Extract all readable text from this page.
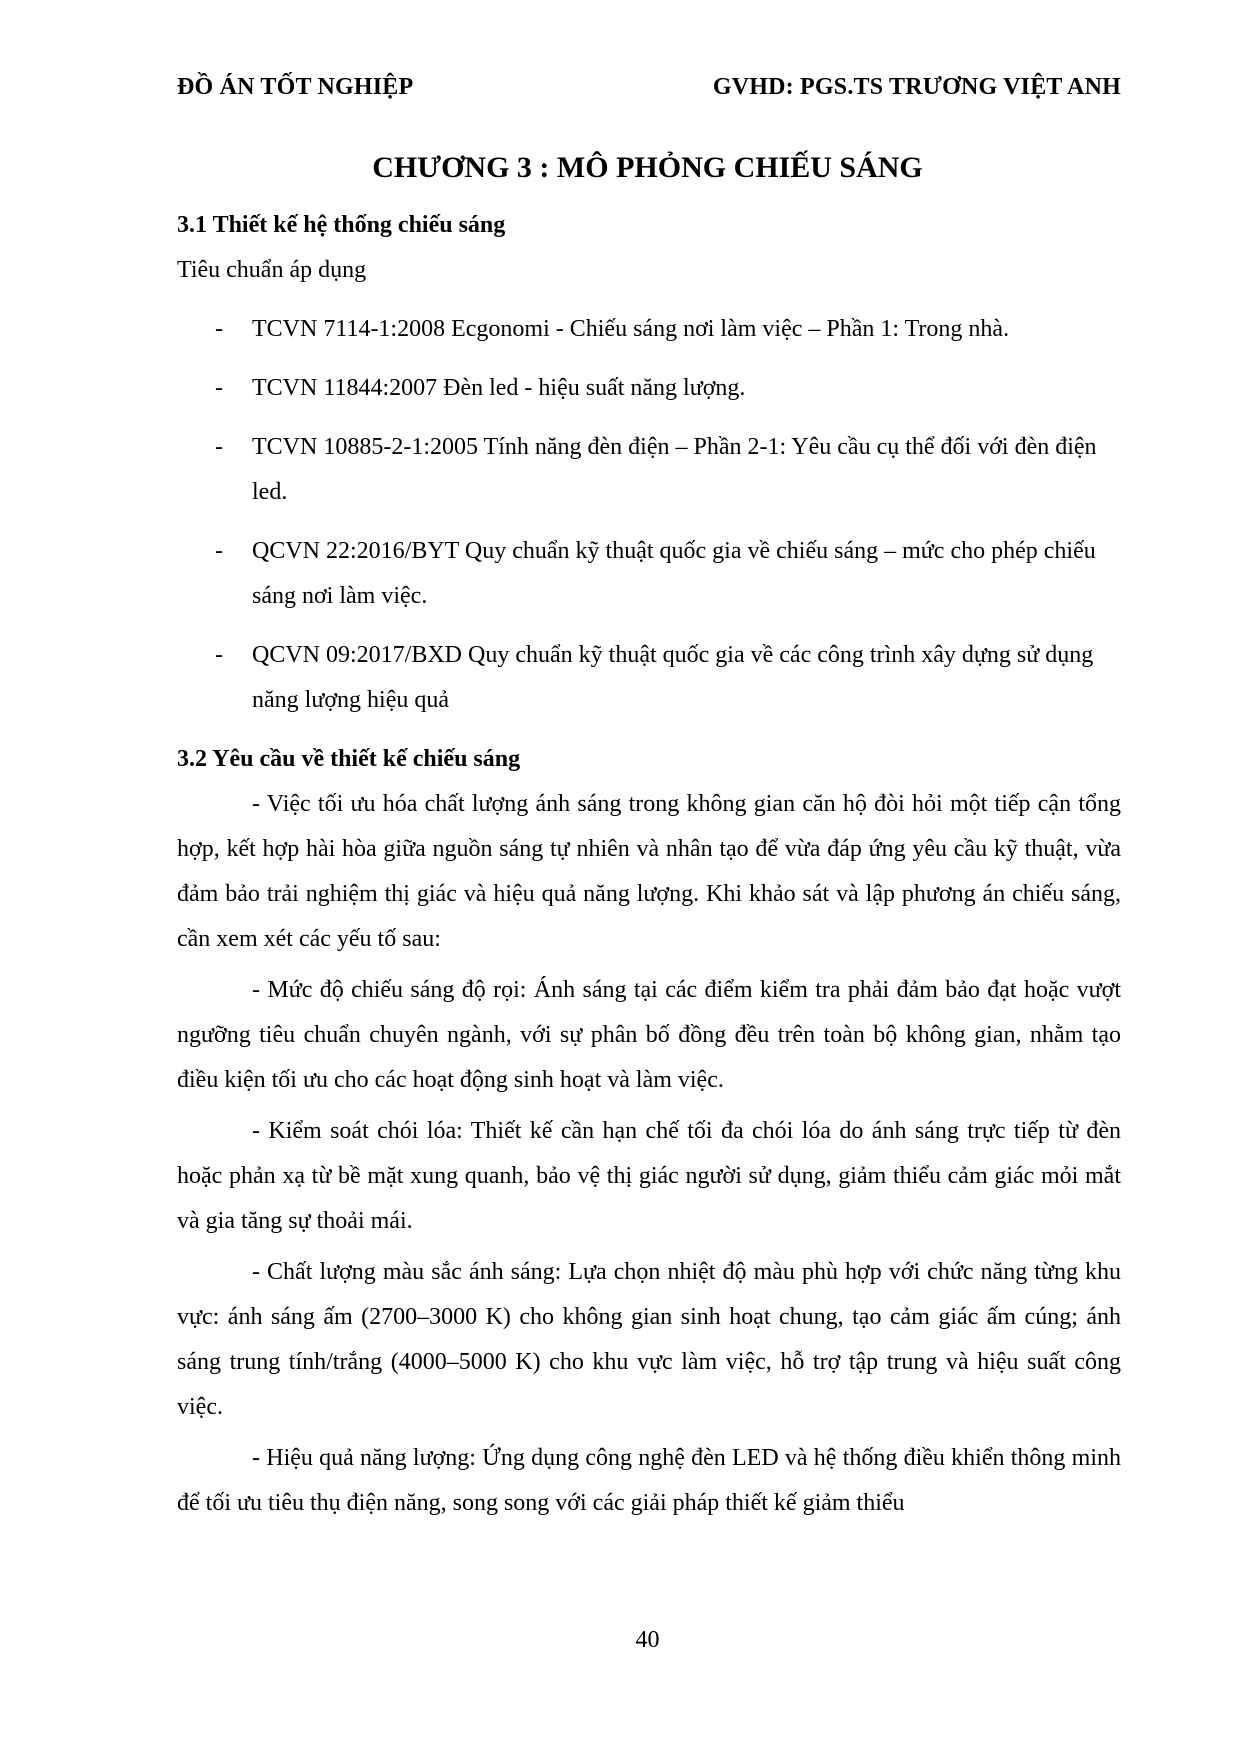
ĐỒ ÁN TỐT NGHIỆP	GVHD: PGS.TS TRƯƠNG VIỆT ANH
CHƯƠNG 3 : MÔ PHỎNG CHIẾU SÁNG

3.1 Thiết kế hệ thống chiếu sáng

Tiêu chuẩn áp dụng

- TCVN 7114-1:2008 Ecgonomi - Chiếu sáng nơi làm việc – Phần 1: Trong nhà.
- TCVN 11844:2007 Đèn led - hiệu suất năng lượng.
- TCVN 10885-2-1:2005 Tính năng đèn điện – Phần 2-1: Yêu cầu cụ thể đối với đèn điện led.
- QCVN 22:2016/BYT Quy chuẩn kỹ thuật quốc gia về chiếu sáng – mức cho phép chiếu sáng nơi làm việc.
- QCVN 09:2017/BXD Quy chuẩn kỹ thuật quốc gia về các công trình xây dựng sử dụng năng lượng hiệu quả

3.2 Yêu cầu về thiết kế chiếu sáng

- Việc tối ưu hóa chất lượng ánh sáng trong không gian căn hộ đòi hỏi một tiếp cận tổng hợp, kết hợp hài hòa giữa nguồn sáng tự nhiên và nhân tạo để vừa đáp ứng yêu cầu kỹ thuật, vừa đảm bảo trải nghiệm thị giác và hiệu quả năng lượng. Khi khảo sát và lập phương án chiếu sáng, cần xem xét các yếu tố sau:

- Mức độ chiếu sáng độ rọi: Ánh sáng tại các điểm kiểm tra phải đảm bảo đạt hoặc vượt ngưỡng tiêu chuẩn chuyên ngành, với sự phân bố đồng đều trên toàn bộ không gian, nhằm tạo điều kiện tối ưu cho các hoạt động sinh hoạt và làm việc.

- Kiểm soát chói lóa: Thiết kế cần hạn chế tối đa chói lóa do ánh sáng trực tiếp từ đèn hoặc phản xạ từ bề mặt xung quanh, bảo vệ thị giác người sử dụng, giảm thiểu cảm giác mỏi mắt và gia tăng sự thoải mái.

- Chất lượng màu sắc ánh sáng: Lựa chọn nhiệt độ màu phù hợp với chức năng từng khu vực: ánh sáng ấm (2700–3000 K) cho không gian sinh hoạt chung, tạo cảm giác ấm cúng; ánh sáng trung tính/trắng (4000–5000 K) cho khu vực làm việc, hỗ trợ tập trung và hiệu suất công việc.

- Hiệu quả năng lượng: Ứng dụng công nghệ đèn LED và hệ thống điều khiển thông minh để tối ưu tiêu thụ điện năng, song song với các giải pháp thiết kế giảm thiểu

40
